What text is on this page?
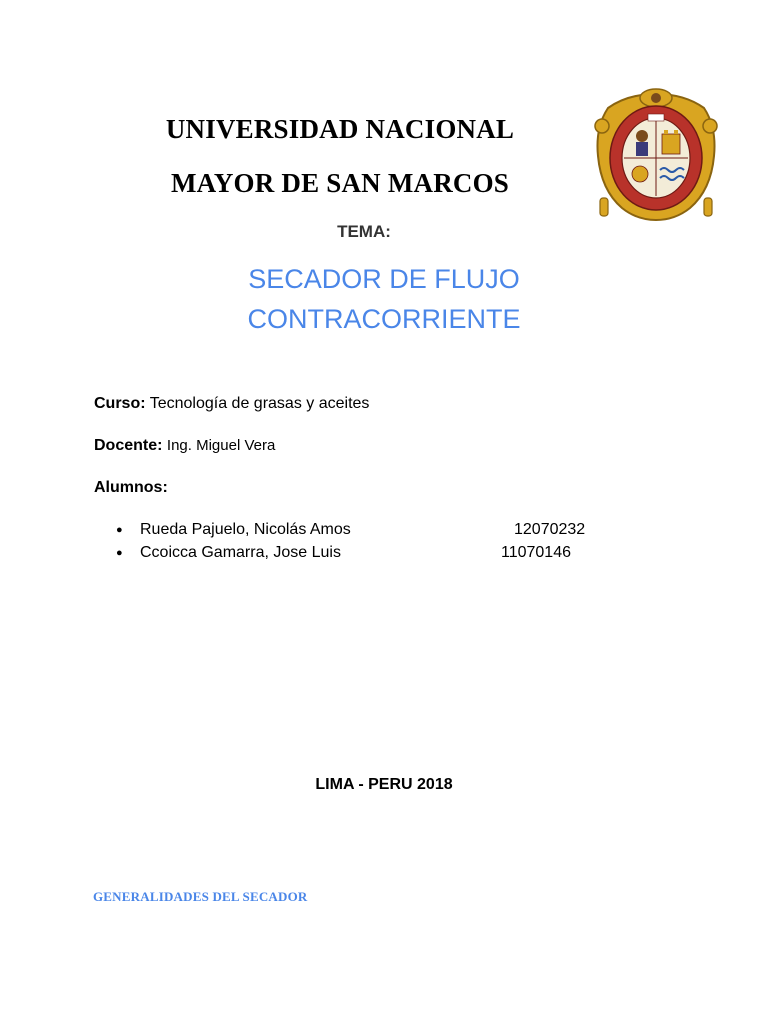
UNIVERSIDAD NACIONAL
MAYOR DE SAN MARCOS
TEMA:
SECADOR DE FLUJO
CONTRACORRIENTE
Curso: Tecnología de grasas y aceites
Docente: Ing. Miguel Vera
Alumnos:
● Rueda Pajuelo, Nicolás Amos	12070232
● Ccoicca Gamarra, Jose Luis	11070146
LIMA - PERU 2018
GENERALIDADES DEL SECADOR
